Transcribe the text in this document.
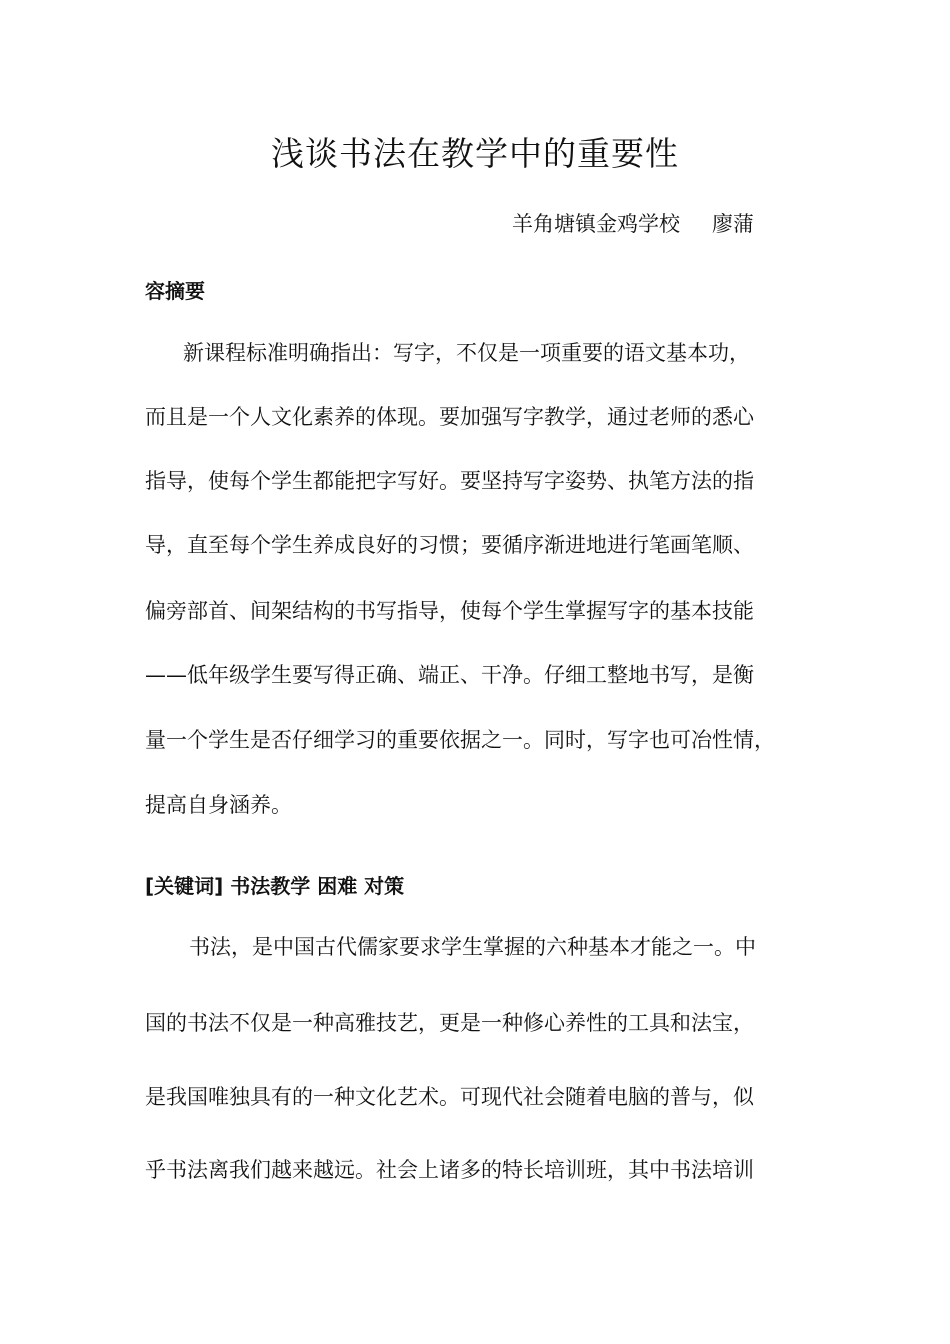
浅谈书法在教学中的重要性
羊角塘镇金鸡学校 廖蒲
容摘要
新课程标准明确指出：写字，不仅是一项重要的语文基本功，
而且是一个人文化素养的体现。要加强写字教学，通过老师的悉心
指导，使每个学生都能把字写好。要坚持写字姿势、执笔方法的指
导，直至每个学生养成良好的习惯；要循序渐进地进行笔画笔顺、
偏旁部首、间架结构的书写指导，使每个学生掌握写字的基本技能
——低年级学生要写得正确、端正、干净。仔细工整地书写，是衡
量一个学生是否仔细学习的重要依据之一。同时，写字也可冶性情，
提高自身涵养。
[关键词] 书法教学 困难 对策
书法，是中国古代儒家要求学生掌握的六种基本才能之一。中
国的书法不仅是一种高雅技艺，更是一种修心养性的工具和法宝，
是我国唯独具有的一种文化艺术。可现代社会随着电脑的普与，似
乎书法离我们越来越远。社会上诸多的特长培训班，其中书法培训
